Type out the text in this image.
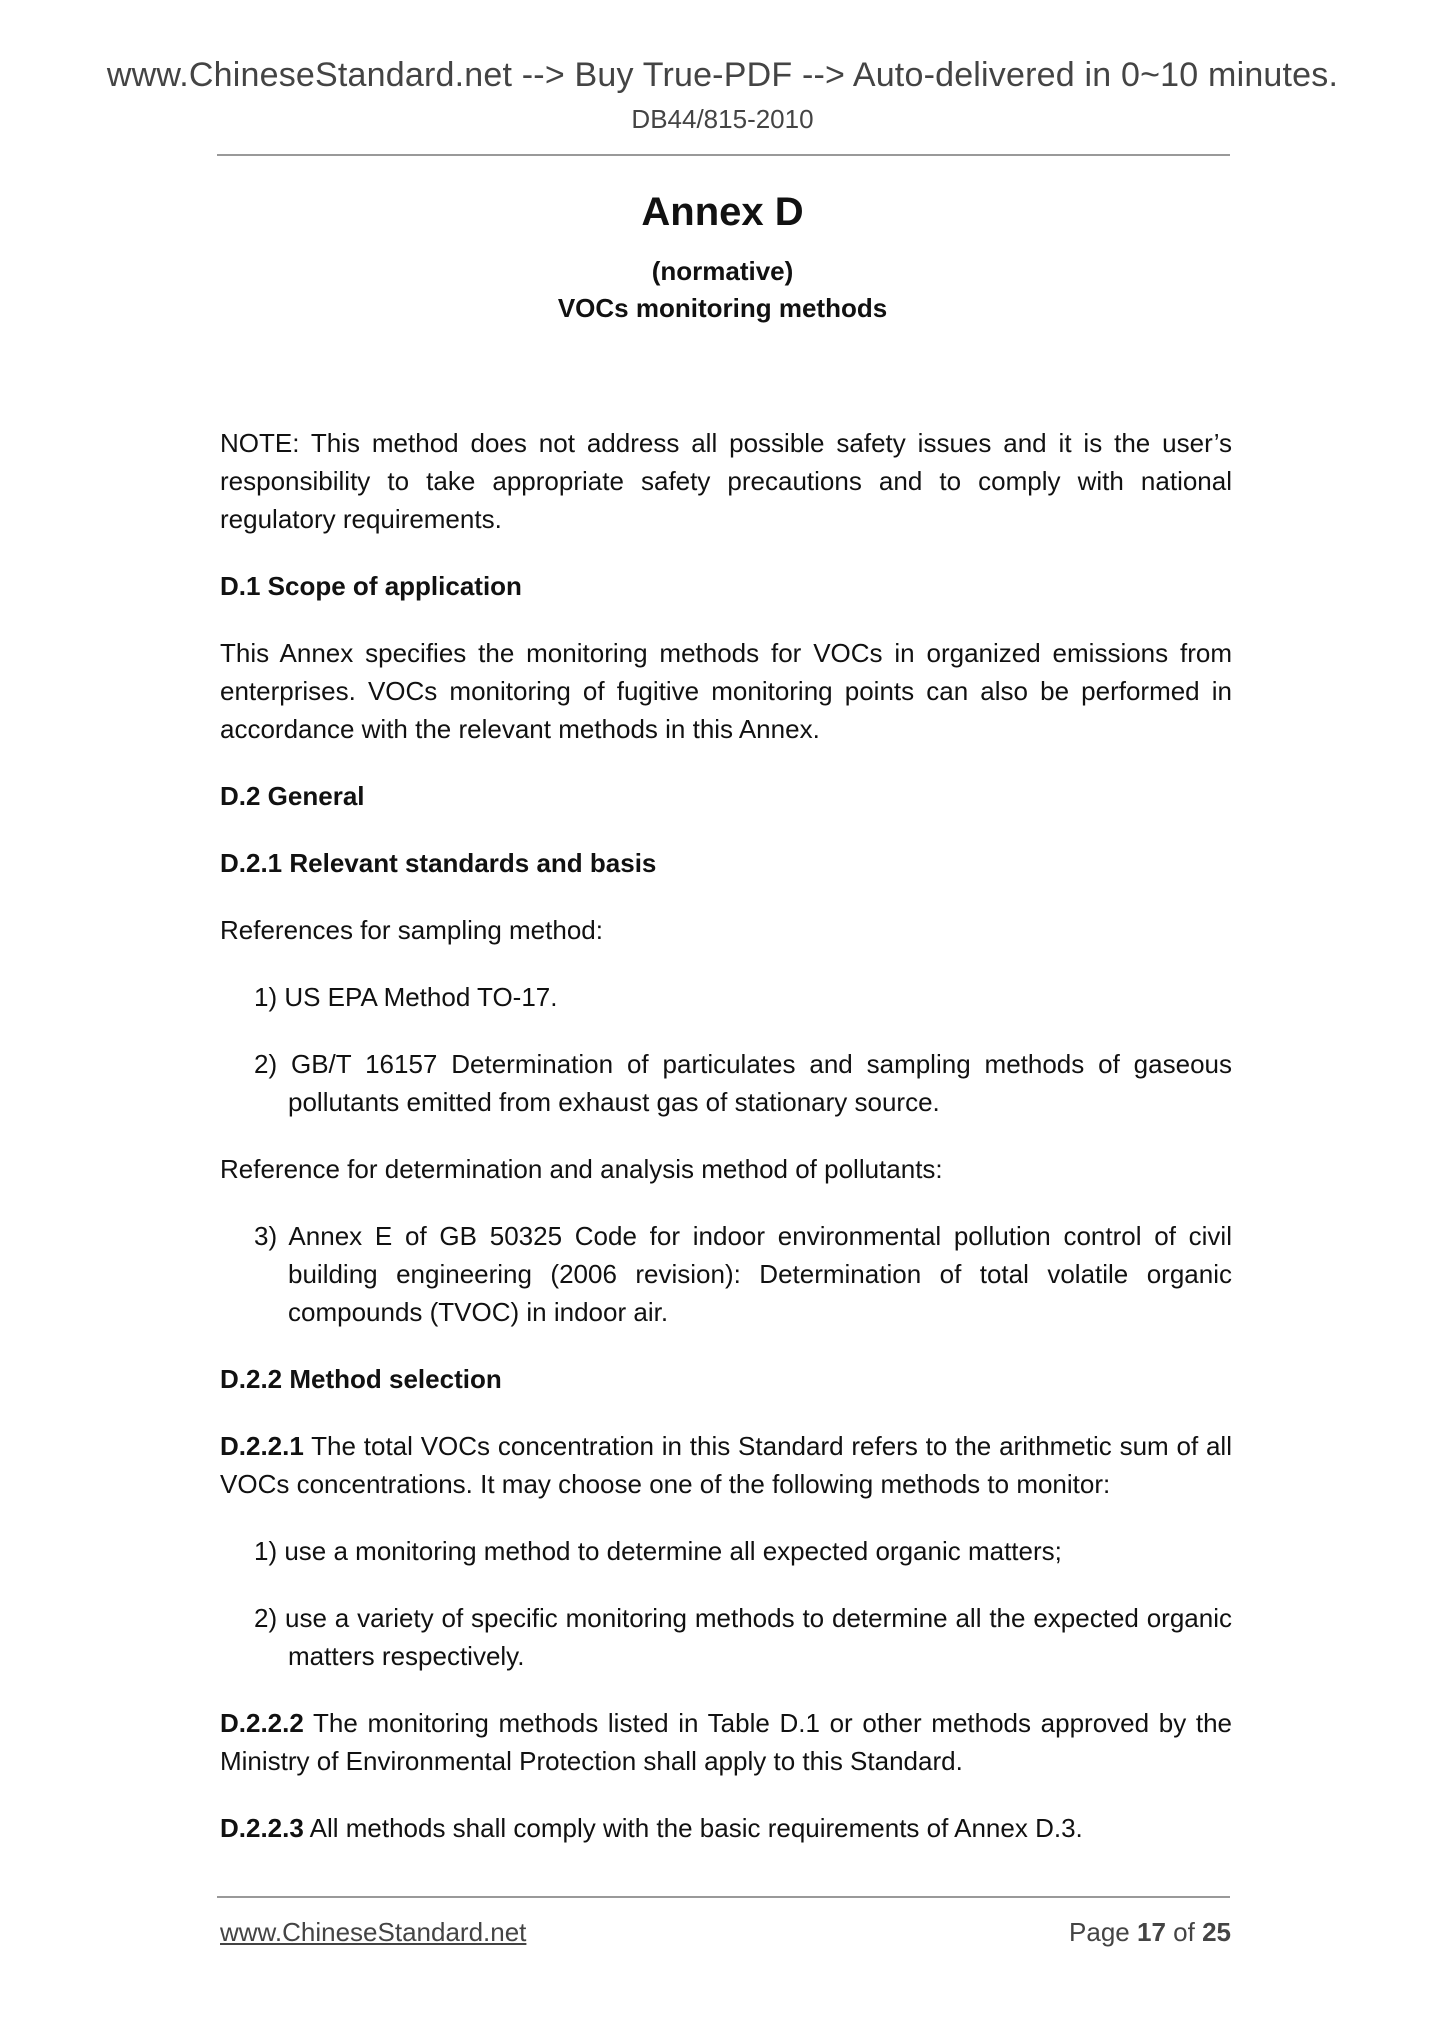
www.ChineseStandard.net --> Buy True-PDF --> Auto-delivered in 0~10 minutes.
DB44/815-2010
Annex D
(normative)
VOCs monitoring methods

NOTE: This method does not address all possible safety issues and it is the user’s responsibility to take appropriate safety precautions and to comply with national regulatory requirements.

D.1 Scope of application

This Annex specifies the monitoring methods for VOCs in organized emissions from enterprises. VOCs monitoring of fugitive monitoring points can also be performed in accordance with the relevant methods in this Annex.

D.2 General
D.2.1 Relevant standards and basis

References for sampling method:

1) US EPA Method TO-17.
2) GB/T 16157 Determination of particulates and sampling methods of gaseous pollutants emitted from exhaust gas of stationary source.

Reference for determination and analysis method of pollutants:

3) Annex E of GB 50325 Code for indoor environmental pollution control of civil building engineering (2006 revision): Determination of total volatile organic compounds (TVOC) in indoor air.
D.2.2 Method selection

D.2.2.1 The total VOCs concentration in this Standard refers to the arithmetic sum of all VOCs concentrations. It may choose one of the following methods to monitor:

1) use a monitoring method to determine all expected organic matters;
2) use a variety of specific monitoring methods to determine all the expected organic matters respectively.

D.2.2.2 The monitoring methods listed in Table D.1 or other methods approved by the Ministry of Environmental Protection shall apply to this Standard.

D.2.2.3 All methods shall comply with the basic requirements of Annex D.3.

www.ChineseStandard.net	Page 17 of 25
